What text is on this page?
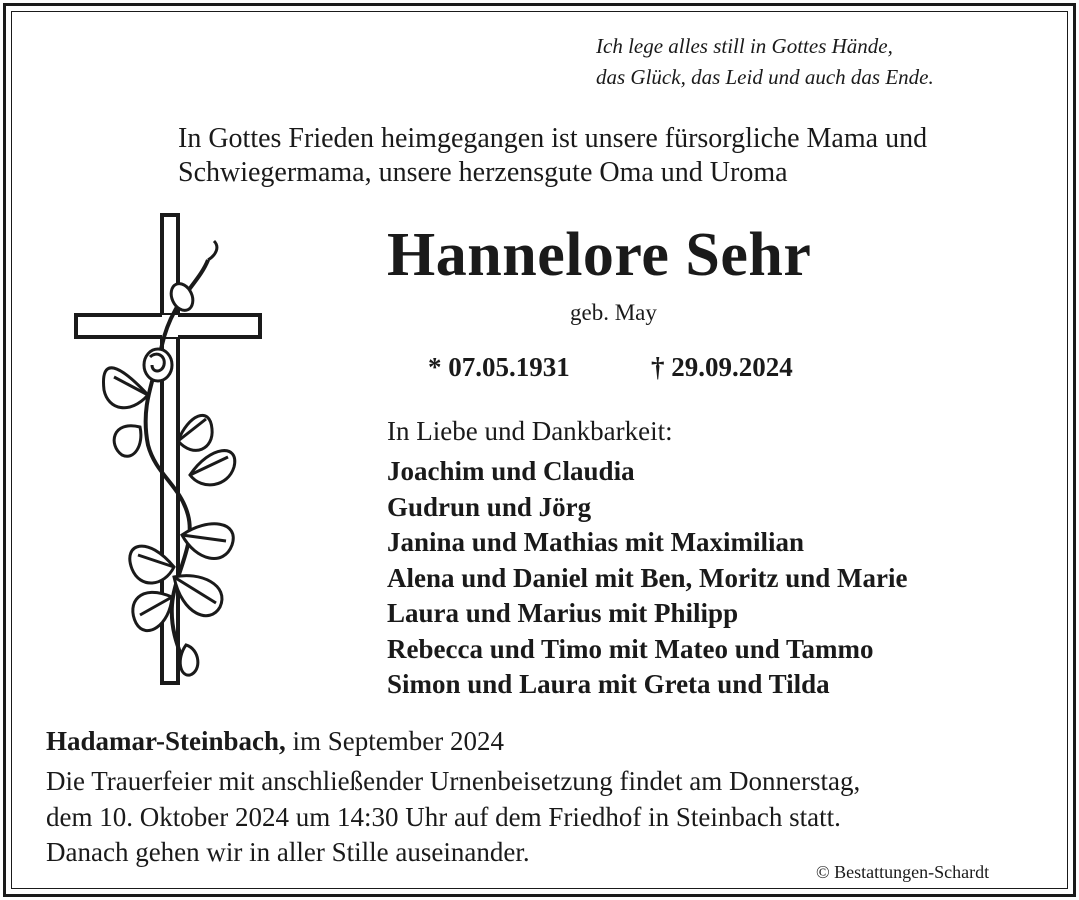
Ich lege alles still in Gottes Hände,
das Glück, das Leid und auch das Ende.
In Gottes Frieden heimgegangen ist unsere fürsorgliche Mama und
Schwiegermama, unsere herzensgute Oma und Uroma
Hannelore Sehr
geb. May
* 07.05.1931	† 29.09.2024
In Liebe und Dankbarkeit:
Joachim und Claudia
Gudrun und Jörg
Janina und Mathias mit Maximilian
Alena und Daniel mit Ben, Moritz und Marie
Laura und Marius mit Philipp
Rebecca und Timo mit Mateo und Tammo
Simon und Laura mit Greta und Tilda
Hadamar-Steinbach, im September 2024
Die Trauerfeier mit anschließender Urnenbeisetzung findet am Donnerstag,
dem 10. Oktober 2024 um 14:30 Uhr auf dem Friedhof in Steinbach statt.
Danach gehen wir in aller Stille auseinander.
© Bestattungen-Schardt
